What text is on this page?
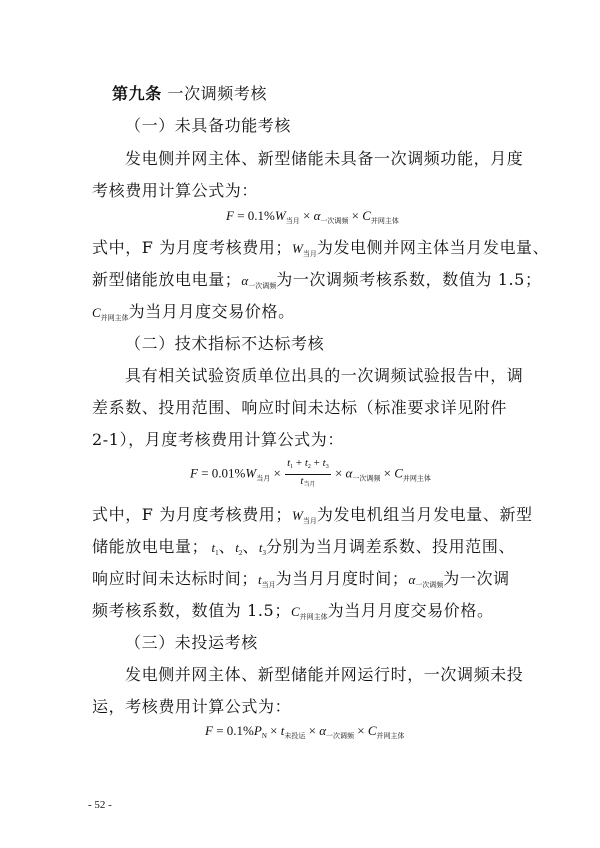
第九条 一次调频考核
（一）未具备功能考核
发电侧并网主体、新型储能未具备一次调频功能，月度
考核费用计算公式为：
$F = 0.1\%W_{当月} \times \alpha_{一次调频} \times C_{并网主体}$
式中，F 为月度考核费用；$W_{当月}$为发电侧并网主体当月发电量、
新型储能放电电量；$\alpha_{一次调频}$为一次调频考核系数，数值为 1.5；
$C_{并网主体}$为当月月度交易价格。
（二）技术指标不达标考核
具有相关试验资质单位出具的一次调频试验报告中，调
差系数、投用范围、响应时间未达标（标准要求详见附件
2-1），月度考核费用计算公式为：
$F = 0.01\%W_{当月} \times \frac{t_1 + t_2 + t_3}{t_{当月}} \times \alpha_{一次调频} \times C_{并网主体}$
式中，F 为月度考核费用；$W_{当月}$为发电机组当月发电量、新型
储能放电电量； $t_1$、$t_2$、$t_3$分别为当月调差系数、投用范围、
响应时间未达标时间；$t_{当月}$为当月月度时间；$\alpha_{一次调频}$为一次调
频考核系数，数值为 1.5；$C_{并网主体}$为当月月度交易价格。
（三）未投运考核
发电侧并网主体、新型储能并网运行时，一次调频未投
运，考核费用计算公式为：
$F = 0.1\%P_N \times t_{未投运} \times \alpha_{一次调频} \times C_{并网主体}$
- 52 -
